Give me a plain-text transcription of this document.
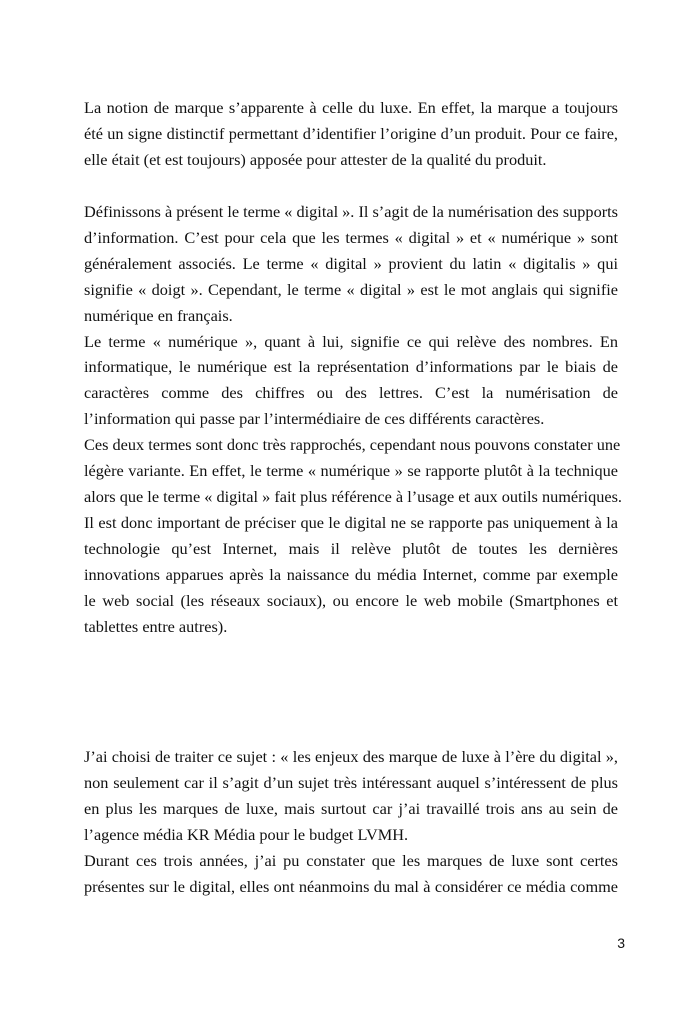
La notion de marque s’apparente à celle du luxe. En effet, la marque a toujours
été un signe distinctif permettant d’identifier l’origine d’un produit. Pour ce faire,
elle était (et est toujours) apposée pour attester de la qualité du produit.
Définissons à présent le terme « digital ». Il s’agit de la numérisation des supports
d’information. C’est pour cela que les termes « digital » et « numérique » sont
généralement associés. Le terme « digital » provient du latin « digitalis » qui
signifie « doigt ». Cependant, le terme « digital » est le mot anglais qui signifie
numérique en français.
Le terme « numérique », quant à lui, signifie ce qui relève des nombres. En
informatique, le numérique est la représentation d’informations par le biais de
caractères comme des chiffres ou des lettres. C’est la numérisation de
l’information qui passe par l’intermédiaire de ces différents caractères.
Ces deux termes sont donc très rapprochés, cependant nous pouvons constater une
légère variante. En effet, le terme « numérique » se rapporte plutôt à la technique
alors que le terme « digital » fait plus référence à l’usage et aux outils numériques.
Il est donc important de préciser que le digital ne se rapporte pas uniquement à la
technologie qu’est Internet, mais il relève plutôt de toutes les dernières
innovations apparues après la naissance du média Internet, comme par exemple
le web social (les réseaux sociaux), ou encore le web mobile (Smartphones et
tablettes entre autres).
J’ai choisi de traiter ce sujet : « les enjeux des marque de luxe à l’ère du digital »,
non seulement car il s’agit d’un sujet très intéressant auquel s’intéressent de plus
en plus les marques de luxe, mais surtout car j’ai travaillé trois ans au sein de
l’agence média KR Média pour le budget LVMH.
Durant ces trois années, j’ai pu constater que les marques de luxe sont certes
présentes sur le digital, elles ont néanmoins du mal à considérer ce média comme
3
